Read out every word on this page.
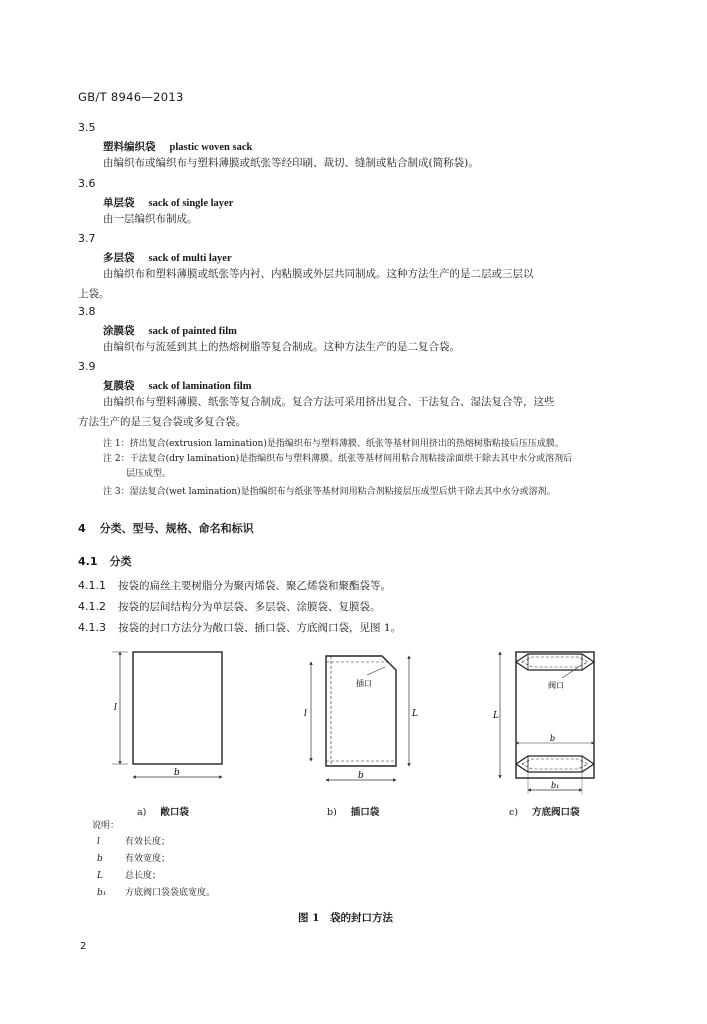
GB/T 8946—2013
3.5
塑料编织袋 plastic woven sack
由编织布或编织布与塑料薄膜或纸张等经印刷、裁切、缝制或粘合制成(简称袋)。
3.6
单层袋 sack of single layer
由一层编织布制成。
3.7
多层袋 sack of multi layer
由编织布和塑料薄膜或纸张等内衬、内粘膜或外层共同制成。这种方法生产的是二层或三层以
上袋。
3.8
涂膜袋 sack of painted film
由编织布与流延到其上的热熔树脂等复合制成。这种方法生产的是二复合袋。
3.9
复膜袋 sack of lamination film
由编织布与塑料薄膜、纸张等复合制成。复合方法可采用挤出复合、干法复合、湿法复合等，这些
方法生产的是三复合袋或多复合袋。
注 1：挤出复合(extrusion lamination)是指编织布与塑料薄膜、纸张等基材间用挤出的热熔树脂粘接后压压成膜。
注 2：干法复合(dry lamination)是指编织布与塑料薄膜、纸张等基材间用粘合剂粘接涂面烘干除去其中水分或溶剂后
层压成型。
注 3：湿法复合(wet lamination)是指编织布与纸张等基材间用粘合剂粘接层压成型后烘干除去其中水分或溶剂。
4 分类、型号、规格、命名和标识
4.1 分类
4.1.1 按袋的扁丝主要树脂分为聚丙烯袋、聚乙烯袋和聚酯袋等。
4.1.2 按袋的层间结构分为单层袋、多层袋、涂膜袋、复膜袋。
4.1.3 按袋的封口方法分为敞口袋、插口袋、方底阀口袋，见图 1。
l
b
插口
l	L
b
阀口
L
b
b₁
a) 敞口袋	b) 插口袋	c) 方底阀口袋
说明：
l	有效长度；
b 有效宽度；
L 总长度；
b₁ 方底阀口袋袋底宽度。
图 1　袋的封口方法
2
